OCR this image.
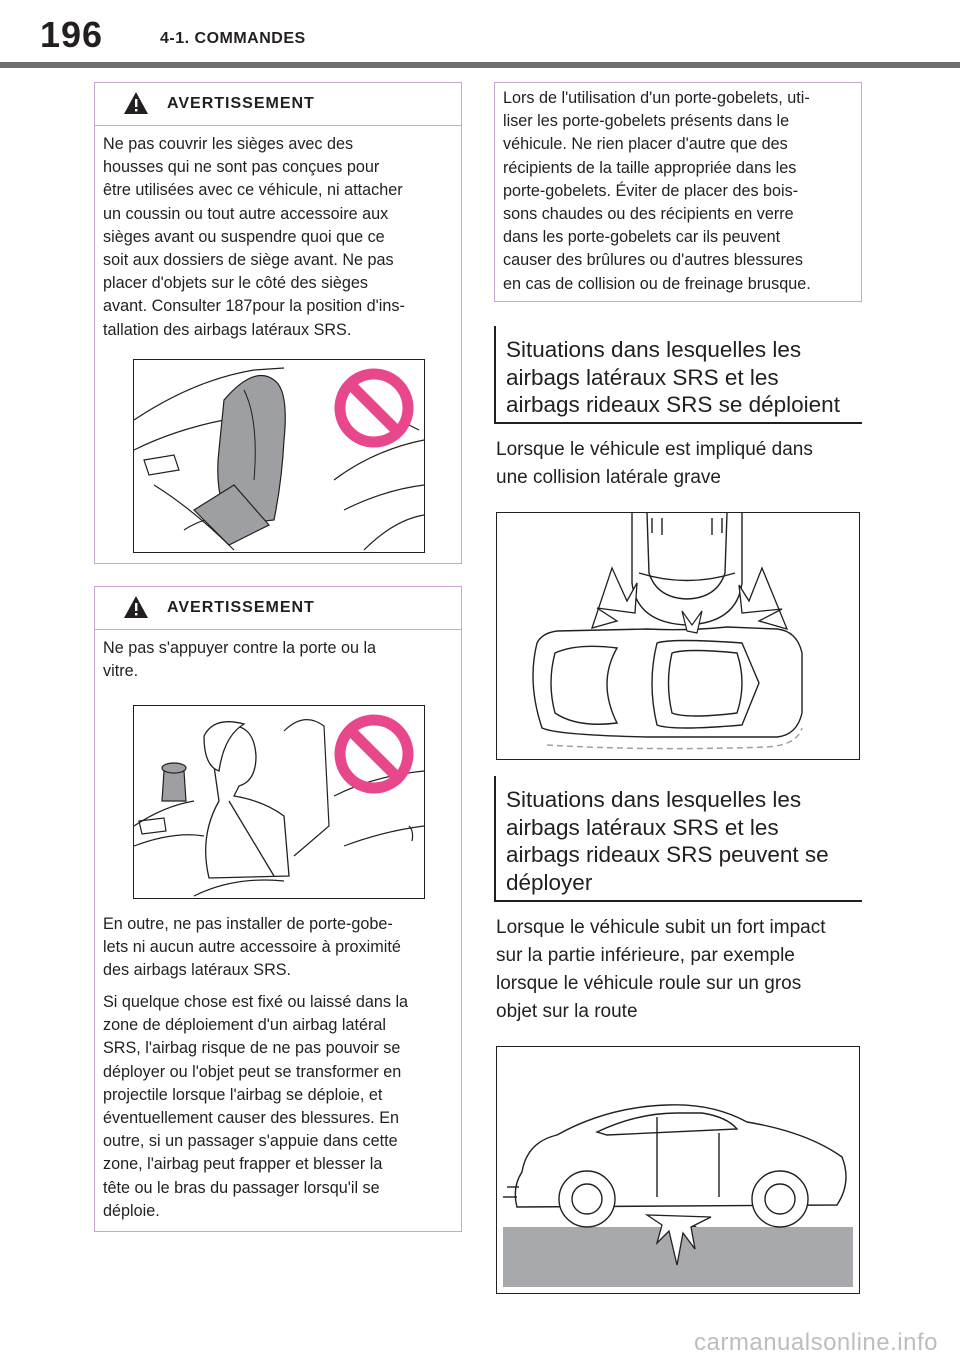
196	4-1. COMMANDES
AVERTISSEMENT

Ne pas couvrir les sièges avec des
housses qui ne sont pas conçues pour
être utilisées avec ce véhicule, ni attacher
un coussin ou tout autre accessoire aux
sièges avant ou suspendre quoi que ce
soit aux dossiers de siège avant. Ne pas
placer d'objets sur le côté des sièges
avant. Consulter 187pour la position d'ins-
tallation des airbags latéraux SRS.

AVERTISSEMENT

Ne pas s'appuyer contre la porte ou la
vitre.

En outre, ne pas installer de porte-gobe-
lets ni aucun autre accessoire à proximité
des airbags latéraux SRS.

Si quelque chose est fixé ou laissé dans la
zone de déploiement d'un airbag latéral
SRS, l'airbag risque de ne pas pouvoir se
déployer ou l'objet peut se transformer en
projectile lorsque l'airbag se déploie, et
éventuellement causer des blessures. En
outre, si un passager s'appuie dans cette
zone, l'airbag peut frapper et blesser la
tête ou le bras du passager lorsqu'il se
déploie.

Lors de l'utilisation d'un porte-gobelets, uti-
liser les porte-gobelets présents dans le
véhicule. Ne rien placer d'autre que des
récipients de la taille appropriée dans les
porte-gobelets. Éviter de placer des bois-
sons chaudes ou des récipients en verre
dans les porte-gobelets car ils peuvent
causer des brûlures ou d'autres blessures
en cas de collision ou de freinage brusque.

Situations dans lesquelles les
airbags latéraux SRS et les
airbags rideaux SRS se déploient

Lorsque le véhicule est impliqué dans
une collision latérale grave

Situations dans lesquelles les
airbags latéraux SRS et les
airbags rideaux SRS peuvent se
déployer

Lorsque le véhicule subit un fort impact
sur la partie inférieure, par exemple
lorsque le véhicule roule sur un gros
objet sur la route

carmanualsonline.info
